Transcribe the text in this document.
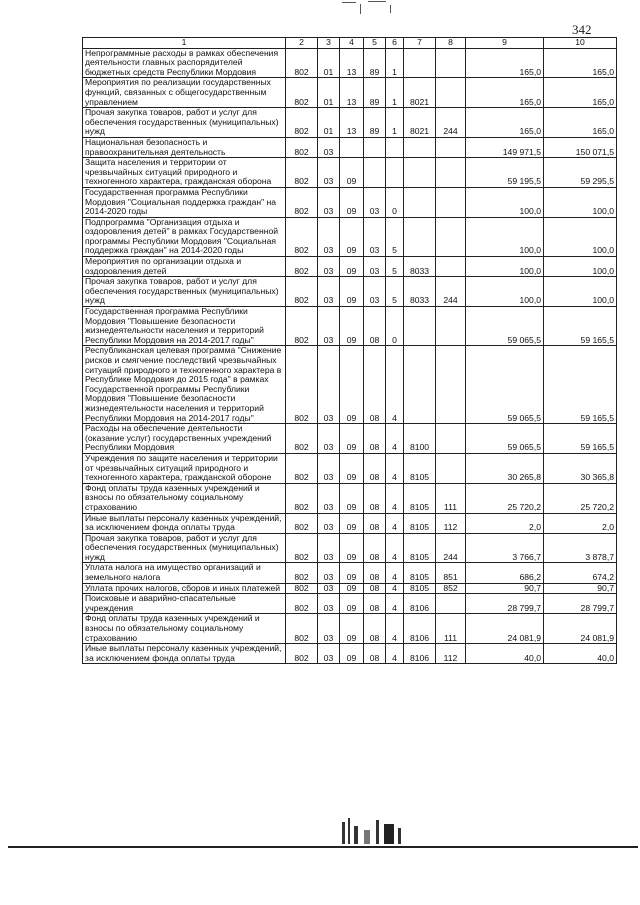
342
1	2	3	4	5	6	7	8	9	10
Непрограммные расходы в рамках обеспечения деятельности главных распорядителей бюджетных средств Республики Мордовия	802	01	13	89	1			165,0	165,0
Мероприятия по реализации государственных функций, связанных с общегосударственным управлением	802	01	13	89	1	8021		165,0	165,0
Прочая закупка товаров, работ и услуг для обеспечения государственных (муниципальных) нужд	802	01	13	89	1	8021	244	165,0	165,0
Национальная безопасность и правоохранительная деятельность	802	03						149 971,5	150 071,5
Защита населения и территории от чрезвычайных ситуаций природного и техногенного характера, гражданская оборона	802	03	09					59 195,5	59 295,5
Государственная программа Республики Мордовия "Социальная поддержка граждан" на 2014-2020 годы	802	03	09	03	0			100,0	100,0
Подпрограмма "Организация отдыха и оздоровления детей" в рамках Государственной программы Республики Мордовия "Социальная поддержка граждан" на 2014-2020 годы	802	03	09	03	5			100,0	100,0
Мероприятия по организации отдыха и оздоровления детей	802	03	09	03	5	8033		100,0	100,0
Прочая закупка товаров, работ и услуг для обеспечения государственных (муниципальных) нужд	802	03	09	03	5	8033	244	100,0	100,0
Государственная программа Республики Мордовия "Повышение безопасности жизнедеятельности населения и территорий Республики Мордовия на 2014-2017 годы"	802	03	09	08	0			59 065,5	59 165,5
Республиканская целевая программа "Снижение рисков и смягчение последствий чрезвычайных ситуаций природного и техногенного характера в Республике Мордовия до 2015 года" в рамках Государственной программы Республики Мордовия "Повышение безопасности жизнедеятельности населения и территорий Республики Мордовия на 2014-2017 годы"	802	03	09	08	4			59 065,5	59 165,5
Расходы на обеспечение деятельности (оказание услуг) государственных учреждений Республики Мордовия	802	03	09	08	4	8100		59 065,5	59 165,5
Учреждения по защите населения и территории от чрезвычайных ситуаций природного и техногенного характера, гражданской обороне	802	03	09	08	4	8105		30 265,8	30 365,8
Фонд оплаты труда казенных учреждений и взносы по обязательному социальному страхованию	802	03	09	08	4	8105	111	25 720,2	25 720,2
Иные выплаты персоналу казенных учреждений, за исключением фонда оплаты труда	802	03	09	08	4	8105	112	2,0	2,0
Прочая закупка товаров, работ и услуг для обеспечения государственных (муниципальных) нужд	802	03	09	08	4	8105	244	3 766,7	3 878,7
Уплата налога на имущество организаций и земельного налога	802	03	09	08	4	8105	851	686,2	674,2
Уплата прочих налогов, сборов и иных платежей	802	03	09	08	4	8105	852	90,7	90,7
Поисковые и аварийно-спасательные учреждения	802	03	09	08	4	8106		28 799,7	28 799,7
Фонд оплаты труда казенных учреждений и взносы по обязательному социальному страхованию	802	03	09	08	4	8106	111	24 081,9	24 081,9
Иные выплаты персоналу казенных учреждений, за исключением фонда оплаты труда	802	03	09	08	4	8106	112	40,0	40,0
